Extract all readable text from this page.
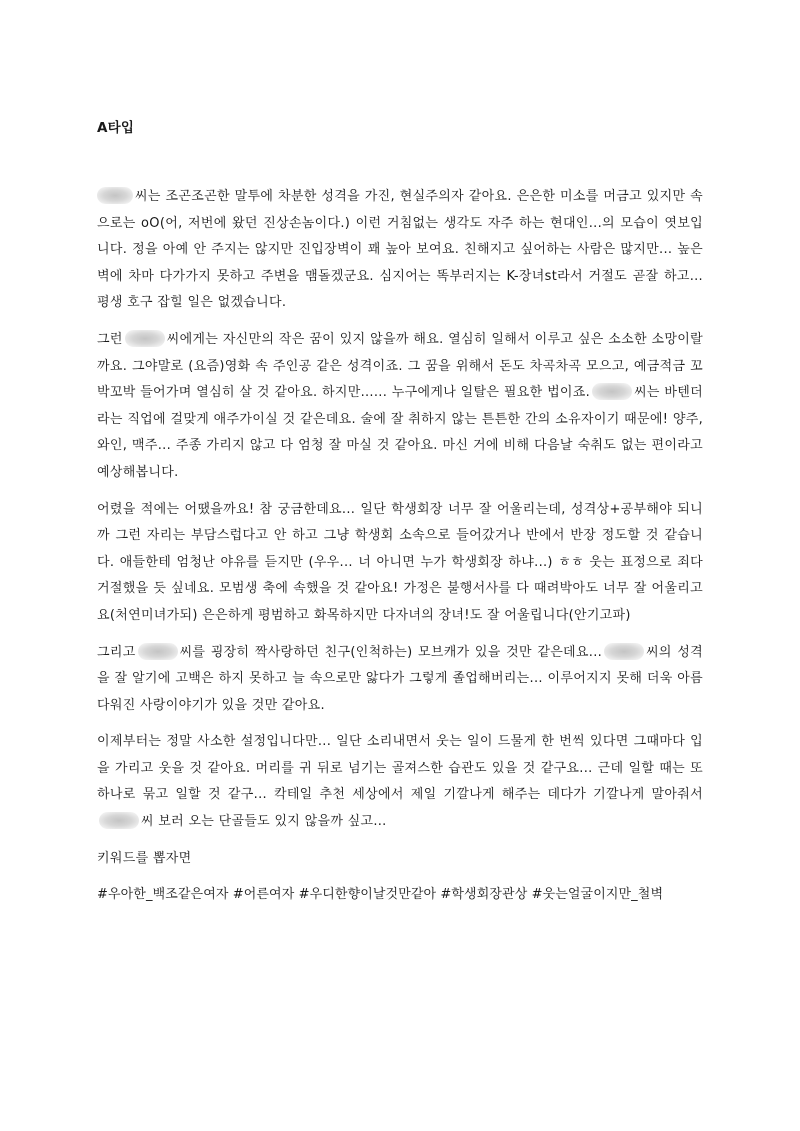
A타입

씨는 조곤조곤한 말투에 차분한 성격을 가진, 현실주의자 같아요. 은은한 미소를 머금고 있지만 속으로는 oO(어, 저번에 왔던 진상손놈이다.) 이런 거침없는 생각도 자주 하는 현대인...의 모습이 엿보입니다. 정을 아예 안 주지는 않지만 진입장벽이 꽤 높아 보여요. 친해지고 싶어하는 사람은 많지만... 높은 벽에 차마 다가가지 못하고 주변을 맴돌겠군요. 심지어는 똑부러지는 K-장녀st라서 거절도 곧잘 하고... 평생 호구 잡힐 일은 없겠습니다.

그런	씨에게는 자신만의 작은 꿈이 있지 않을까 해요. 열심히 일해서 이루고 싶은 소소한 소망이랄까요. 그야말로 (요즘)영화 속 주인공 같은 성격이죠. 그 꿈을 위해서 돈도 차곡차곡 모으고, 예금적금 꼬박꼬박 들어가며 열심히 살 것 같아요. 하지만...... 누구에게나 일탈은 필요한 법이죠.	씨는 바텐더라는 직업에 걸맞게 애주가이실 것 같은데요. 술에 잘 취하지 않는 튼튼한 간의 소유자이기 때문에! 양주, 와인, 맥주... 주종 가리지 않고 다 엄청 잘 마실 것 같아요. 마신 거에 비해 다음날 숙취도 없는 편이라고 예상해봅니다.

어렸을 적에는 어땠을까요! 참 궁금한데요... 일단 학생회장 너무 잘 어울리는데, 성격상+공부해야 되니까 그런 자리는 부담스럽다고 안 하고 그냥 학생회 소속으로 들어갔거나 반에서 반장 정도할 것 같습니다. 애들한테 엄청난 야유를 듣지만 (우우... 너 아니면 누가 학생회장 하냐...) ㅎㅎ 웃는 표정으로 죄다 거절했을 듯 싶네요. 모범생 축에 속했을 것 같아요! 가정은 불행서사를 다 때려박아도 너무 잘 어울리고요(처연미녀가되) 은은하게 평범하고 화목하지만 다자녀의 장녀!도 잘 어울립니다(안기고파)

그리고	씨를 굉장히 짝사랑하던 친구(인척하는) 모브캐가 있을 것만 같은데요...	씨의 성격을 잘 알기에 고백은 하지 못하고 늘 속으로만 앓다가 그렇게 졸업해버리는... 이루어지지 못해 더욱 아름다워진 사랑이야기가 있을 것만 같아요.

이제부터는 정말 사소한 설정입니다만... 일단 소리내면서 웃는 일이 드물게 한 번씩 있다면 그때마다 입을 가리고 웃을 것 같아요. 머리를 귀 뒤로 넘기는 골져스한 습관도 있을 것 같구요... 근데 일할 때는 또 하나로 묶고 일할 것 같구... 칵테일 추천 세상에서 제일 기깔나게 해주는 데다가 기깔나게 말아줘서씨 보러 오는 단골들도 있지 않을까 싶고...

키워드를 뽑자면

#우아한_백조같은여자 #어른여자 #우디한향이날것만같아 #학생회장관상 #웃는얼굴이지만_철벽
